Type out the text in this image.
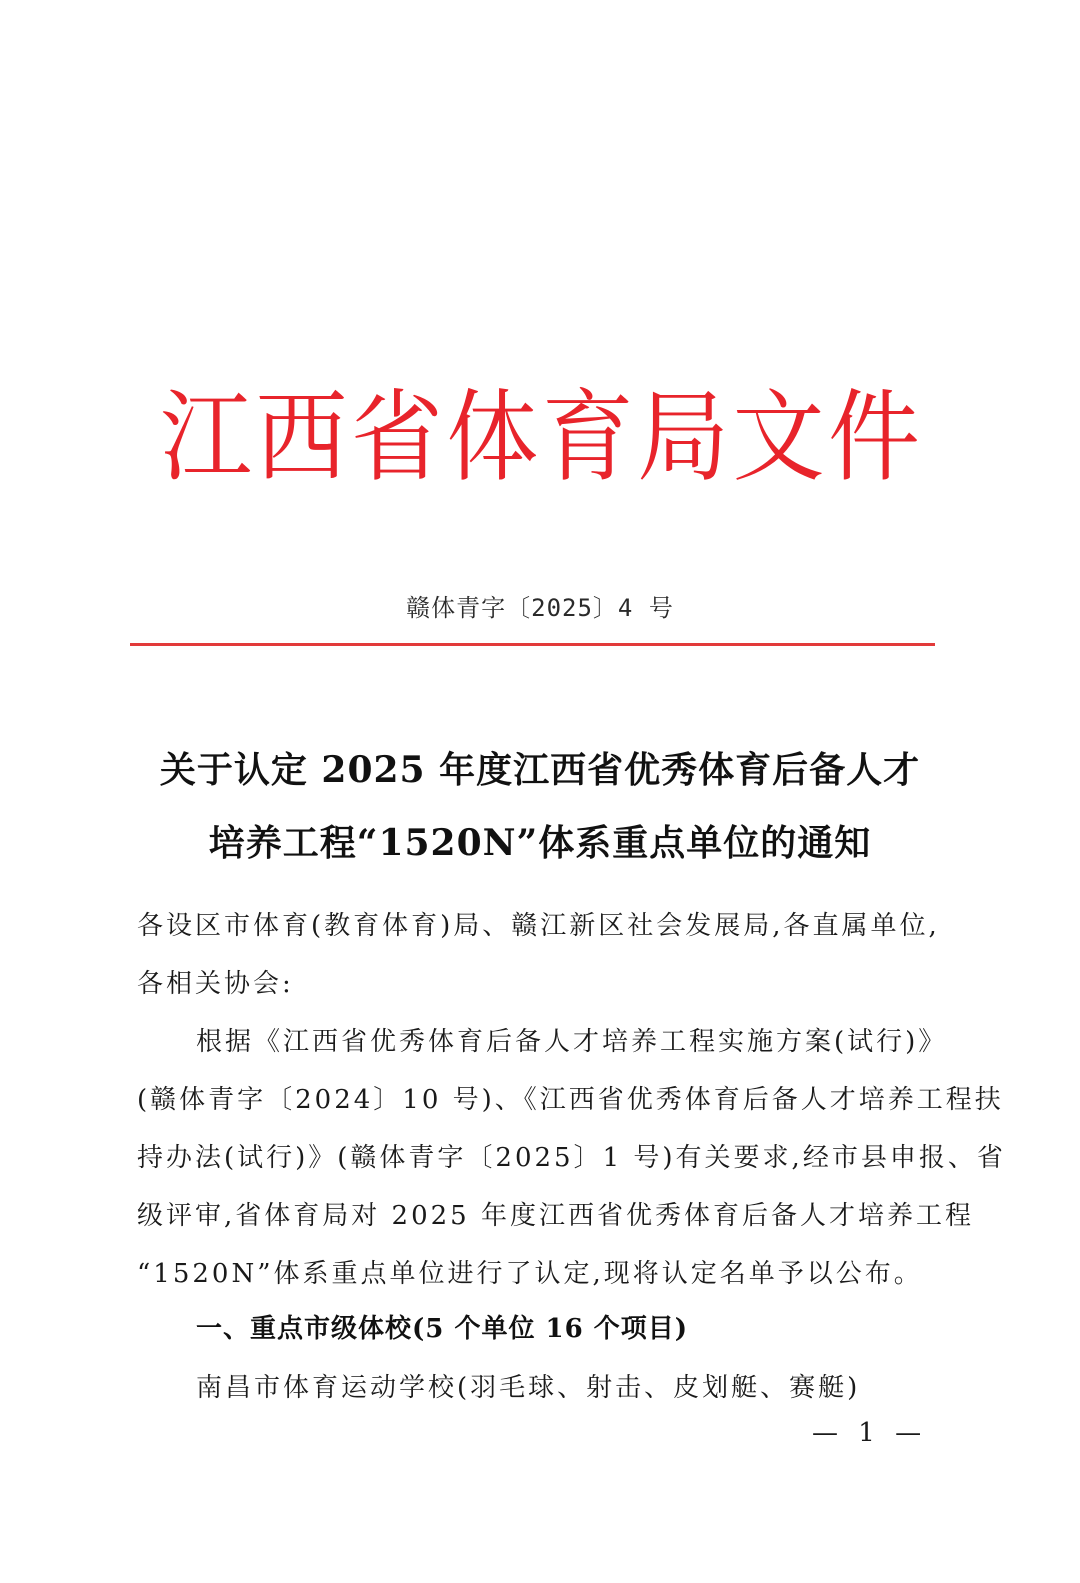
江 西 省 体 育 局 文 件
赣体青字〔2025〕4 号
关于认定 2025 年度江西省优秀体育后备人才
培养工程“1520N”体系重点单位的通知
各设区市体育(教育体育)局、赣江新区社会发展局,各直属单位,
各相关协会:
根据《江西省优秀体育后备人才培养工程实施方案(试行)》
(赣体青字〔2024〕10 号)、《江西省优秀体育后备人才培养工程扶
持办法(试行)》(赣体青字〔2025〕1 号)有关要求,经市县申报、省
级评审,省体育局对 2025 年度江西省优秀体育后备人才培养工程
“1520N”体系重点单位进行了认定,现将认定名单予以公布。
一、重点市级体校(5 个单位 16 个项目)
南昌市体育运动学校(羽毛球、射击、皮划艇、赛艇)
— 1 —
